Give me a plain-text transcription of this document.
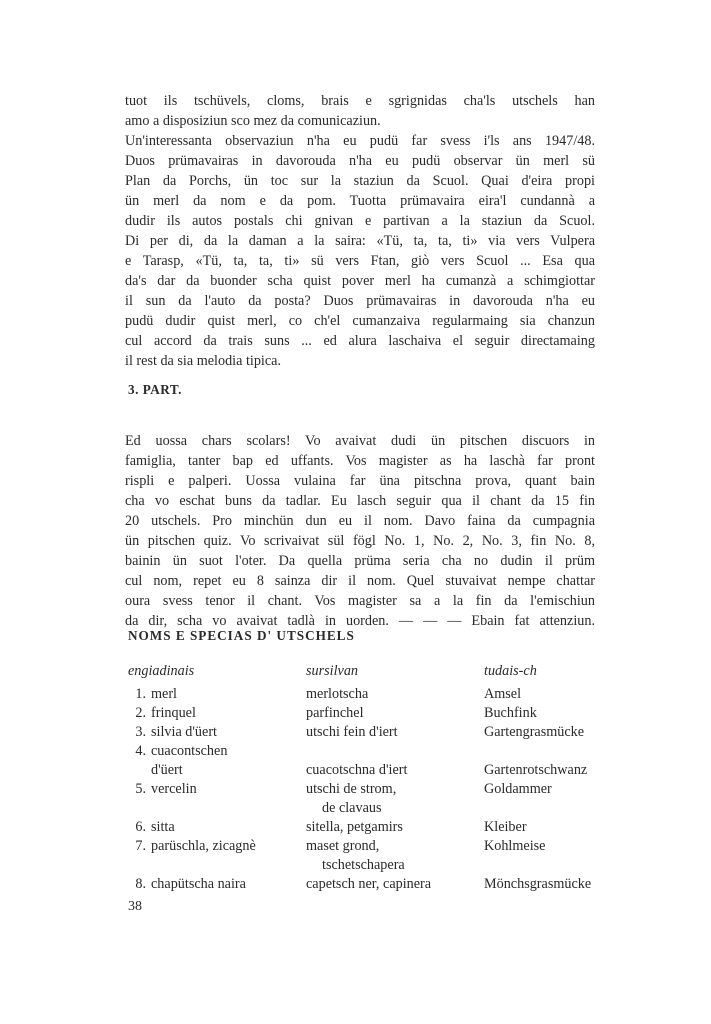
tuot ils tschüvels, cloms, brais e sgrignidas cha'ls utschels han
amo a disposiziun sco mez da comunicaziun.
Un'interessanta observaziun n'ha eu pudü far svess i'ls ans 1947/48.
Duos prümavairas in davorouda n'ha eu pudü observar ün merl sü
Plan da Porchs, ün toc sur la staziun da Scuol. Quai d'eira propi
ün merl da nom e da pom. Tuotta prümavaira eira'l cundannà a
dudir ils autos postals chi gnivan e partivan a la staziun da Scuol.
Di per di, da la daman a la saira: «Tü, ta, ta, ti» via vers Vulpera
e Tarasp, «Tü, ta, ta, ti» sü vers Ftan, giò vers Scuol ... Esa qua
da's dar da buonder scha quist pover merl ha cumanzà a schimgiottar
il sun da l'auto da posta? Duos prümavairas in davorouda n'ha eu
pudü dudir quist merl, co ch'el cumanzaiva regularmaing sia chanzun
cul accord da trais suns ... ed alura laschaiva el seguir directamaing
il rest da sia melodia tipica.
3. PART.
Ed uossa chars scolars! Vo avaivat dudi ün pitschen discuors in
famiglia, tanter bap ed uffants. Vos magister as ha laschà far pront
rispli e palperi. Uossa vulaina far üna pitschna prova, quant bain
cha vo eschat buns da tadlar. Eu lasch seguir qua il chant da 15 fin
20 utschels. Pro minchün dun eu il nom. Davo faina da cumpagnia
ün pitschen quiz. Vo scrivaivat sül fögl No. 1, No. 2, No. 3, fin No. 8,
bainin ün suot l'oter. Da quella prüma seria cha no dudin il prüm
cul nom, repet eu 8 sainza dir il nom. Quel stuvaivat nempe chattar
oura svess tenor il chant. Vos magister sa a la fin da l'emischiun
da dir, scha vo avaivat tadlà in uorden. — — — Ebain fat attenziun.
NOMS E SPECIAS D' UTSCHELS
engiadinais	sursilvan	tudais-ch
1. merl	merlotscha	Amsel
2. frinquel	parfinchel	Buchfink
3. silvia d'üert	utschi fein d'iert	Gartengrasmücke
4. cuacontschen
d'üert	cuacotschna d'iert	Gartenrotschwanz
5. vercelin	utschi de strom,	Goldammer
de clavaus
6. sitta	sitella, petgamirs	Kleiber
7. parüschla, zicagnè	maset grond,	Kohlmeise
tschetschapera
8. chapütscha naira	capetsch ner, capinera	Mönchsgrasmücke
38
